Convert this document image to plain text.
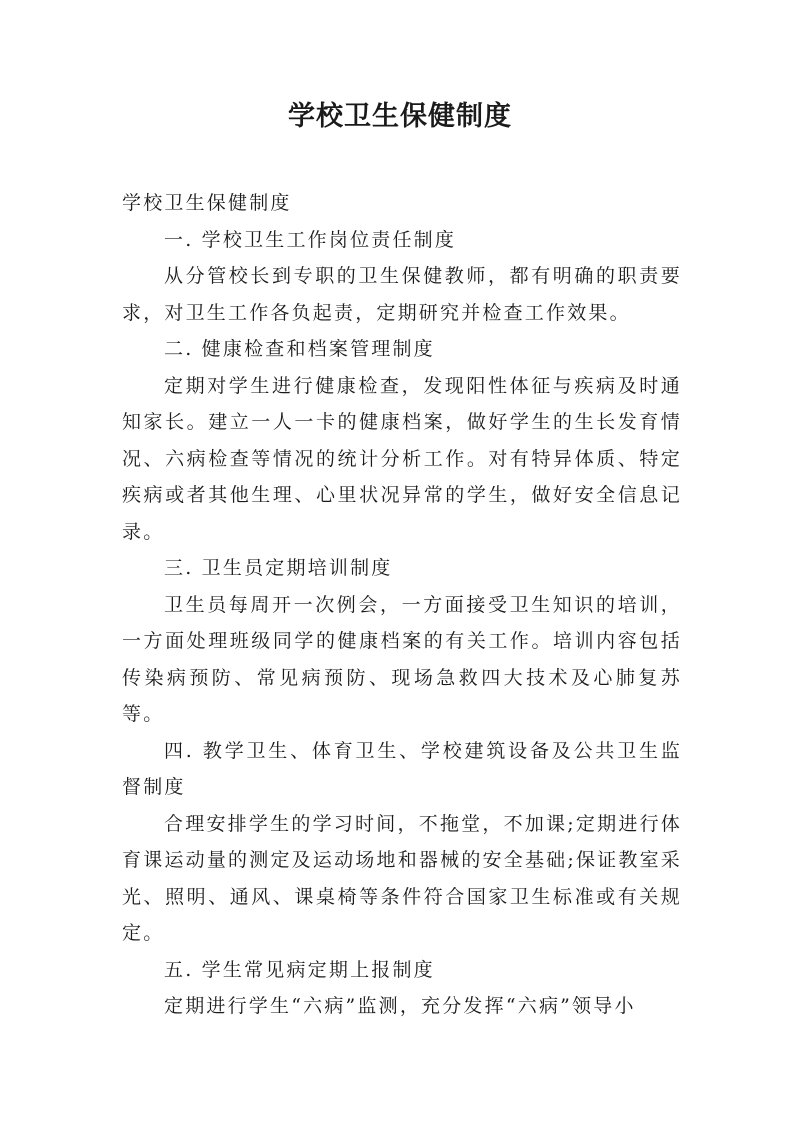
学校卫生保健制度

学校卫生保健制度

一. 学校卫生工作岗位责任制度

从分管校长到专职的卫生保健教师，都有明确的职责要求，对卫生工作各负起责，定期研究并检查工作效果。

二. 健康检查和档案管理制度

定期对学生进行健康检查，发现阳性体征与疾病及时通知家长。建立一人一卡的健康档案，做好学生的生长发育情况、六病检查等情况的统计分析工作。对有特异体质、特定疾病或者其他生理、心里状况异常的学生，做好安全信息记录。

三. 卫生员定期培训制度

卫生员每周开一次例会，一方面接受卫生知识的培训，一方面处理班级同学的健康档案的有关工作。培训内容包括传染病预防、常见病预防、现场急救四大技术及心肺复苏等。

四. 教学卫生、体育卫生、学校建筑设备及公共卫生监督制度

合理安排学生的学习时间，不拖堂，不加课;定期进行体育课运动量的测定及运动场地和器械的安全基础;保证教室采光、照明、通风、课桌椅等条件符合国家卫生标准或有关规定。

五. 学生常见病定期上报制度

定期进行学生“六病”监测，充分发挥“六病”领导小
